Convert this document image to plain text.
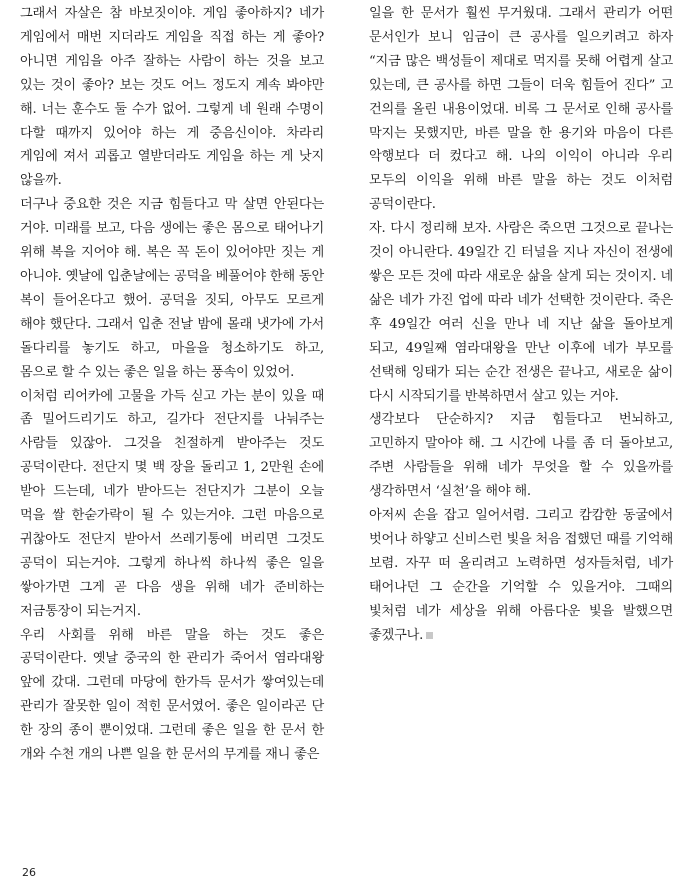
그래서 자살은 참 바보짓이야. 게임 좋아하지? 네가 게임에서 매번 지더라도 게임을 직접 하는 게 좋아? 아니면 게임을 아주 잘하는 사람이 하는 것을 보고 있는 것이 좋아? 보는 것도 어느 정도지 계속 봐야만 해. 너는 훈수도 둘 수가 없어. 그렇게 네 원래 수명이 다할 때까지 있어야 하는 게 중음신이야. 차라리 게임에 져서 괴롭고 열받더라도 게임을 하는 게 낫지 않을까.

더구나 중요한 것은 지금 힘들다고 막 살면 안된다는 거야. 미래를 보고, 다음 생에는 좋은 몸으로 태어나기 위해 복을 지어야 해. 복은 꼭 돈이 있어야만 짓는 게 아니야. 옛날에 입춘날에는 공덕을 베풀어야 한해 동안 복이 들어온다고 했어. 공덕을 짓되, 아무도 모르게 해야 했단다. 그래서 입춘 전날 밤에 몰래 냇가에 가서 돌다리를 놓기도 하고, 마을을 청소하기도 하고, 몸으로 할 수 있는 좋은 일을 하는 풍속이 있었어.

이처럼 리어카에 고물을 가득 싣고 가는 분이 있을 때 좀 밀어드리기도 하고, 길가다 전단지를 나눠주는 사람들 있잖아. 그것을 친절하게 받아주는 것도 공덕이란다. 전단지 몇 백 장을 돌리고 1, 2만원 손에 받아 드는데, 네가 받아드는 전단지가 그분이 오늘 먹을 쌀 한숟가락이 될 수 있는거야. 그런 마음으로 귀찮아도 전단지 받아서 쓰레기통에 버리면 그것도 공덕이 되는거야. 그렇게 하나씩 하나씩 좋은 일을 쌓아가면 그게 곧 다음 생을 위해 네가 준비하는 저금통장이 되는거지.

우리 사회를 위해 바른 말을 하는 것도 좋은 공덕이란다. 옛날 중국의 한 관리가 죽어서 염라대왕 앞에 갔대. 그런데 마당에 한가득 문서가 쌓여있는데 관리가 잘못한 일이 적힌 문서였어. 좋은 일이라곤 단 한 장의 종이 뿐이었대. 그런데 좋은 일을 한 문서 한 개와 수천 개의 나쁜 일을 한 문서의 무게를 재니 좋은

일을 한 문서가 훨씬 무거웠대. 그래서 관리가 어떤 문서인가 보니 임금이 큰 공사를 일으키려고 하자 “지금 많은 백성들이 제대로 먹지를 못해 어렵게 살고 있는데, 큰 공사를 하면 그들이 더욱 힘들어 진다” 고 건의를 올린 내용이었대. 비록 그 문서로 인해 공사를 막지는 못했지만, 바른 말을 한 용기와 마음이 다른 악행보다 더 컸다고 해. 나의 이익이 아니라 우리 모두의 이익을 위해 바른 말을 하는 것도 이처럼 공덕이란다.

자. 다시 정리해 보자. 사람은 죽으면 그것으로 끝나는 것이 아니란다. 49일간 긴 터널을 지나 자신이 전생에 쌓은 모든 것에 따라 새로운 삶을 살게 되는 것이지. 네 삶은 네가 가진 업에 따라 네가 선택한 것이란다. 죽은 후 49일간 여러 신을 만나 네 지난 삶을 돌아보게 되고, 49일째 염라대왕을 만난 이후에 네가 부모를 선택해 잉태가 되는 순간 전생은 끝나고, 새로운 삶이 다시 시작되기를 반복하면서 살고 있는 거야.

생각보다 단순하지? 지금 힘들다고 번뇌하고, 고민하지 말아야 해. 그 시간에 나를 좀 더 돌아보고, 주변 사람들을 위해 네가 무엇을 할 수 있을까를 생각하면서 ‘실천’을 해야 해.

아저씨 손을 잡고 일어서렴. 그리고 캄캄한 동굴에서 벗어나 하얗고 신비스런 빛을 처음 접했던 때를 기억해 보렴. 자꾸 떠 올리려고 노력하면 성자들처럼, 네가 태어나던 그 순간을 기억할 수 있을거야. 그때의 빛처럼 네가 세상을 위해 아름다운 빛을 발했으면 좋겠구나.

26
